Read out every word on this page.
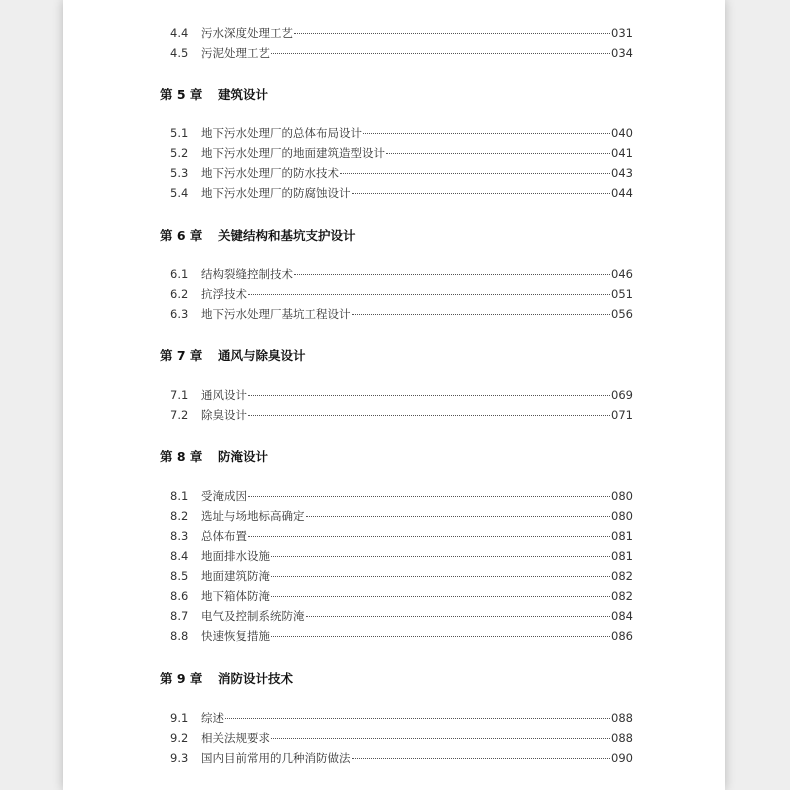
4.4 污水深度处理工艺	031
4.5 污泥处理工艺	034
第 5 章 建筑设计
5.1 地下污水处理厂的总体布局设计	040
5.2 地下污水处理厂的地面建筑造型设计	041
5.3 地下污水处理厂的防水技术	043
5.4 地下污水处理厂的防腐蚀设计	044
第 6 章 关键结构和基坑支护设计
6.1 结构裂缝控制技术	046
6.2 抗浮技术	051
6.3 地下污水处理厂基坑工程设计	056
第 7 章 通风与除臭设计
7.1 通风设计	069
7.2 除臭设计	071
第 8 章 防淹设计
8.1 受淹成因	080
8.2 选址与场地标高确定	080
8.3 总体布置	081
8.4 地面排水设施	081
8.5 地面建筑防淹	082
8.6 地下箱体防淹	082
8.7 电气及控制系统防淹	084
8.8 快速恢复措施	086
第 9 章 消防设计技术
9.1 综述	088
9.2 相关法规要求	088
9.3 国内目前常用的几种消防做法	090
